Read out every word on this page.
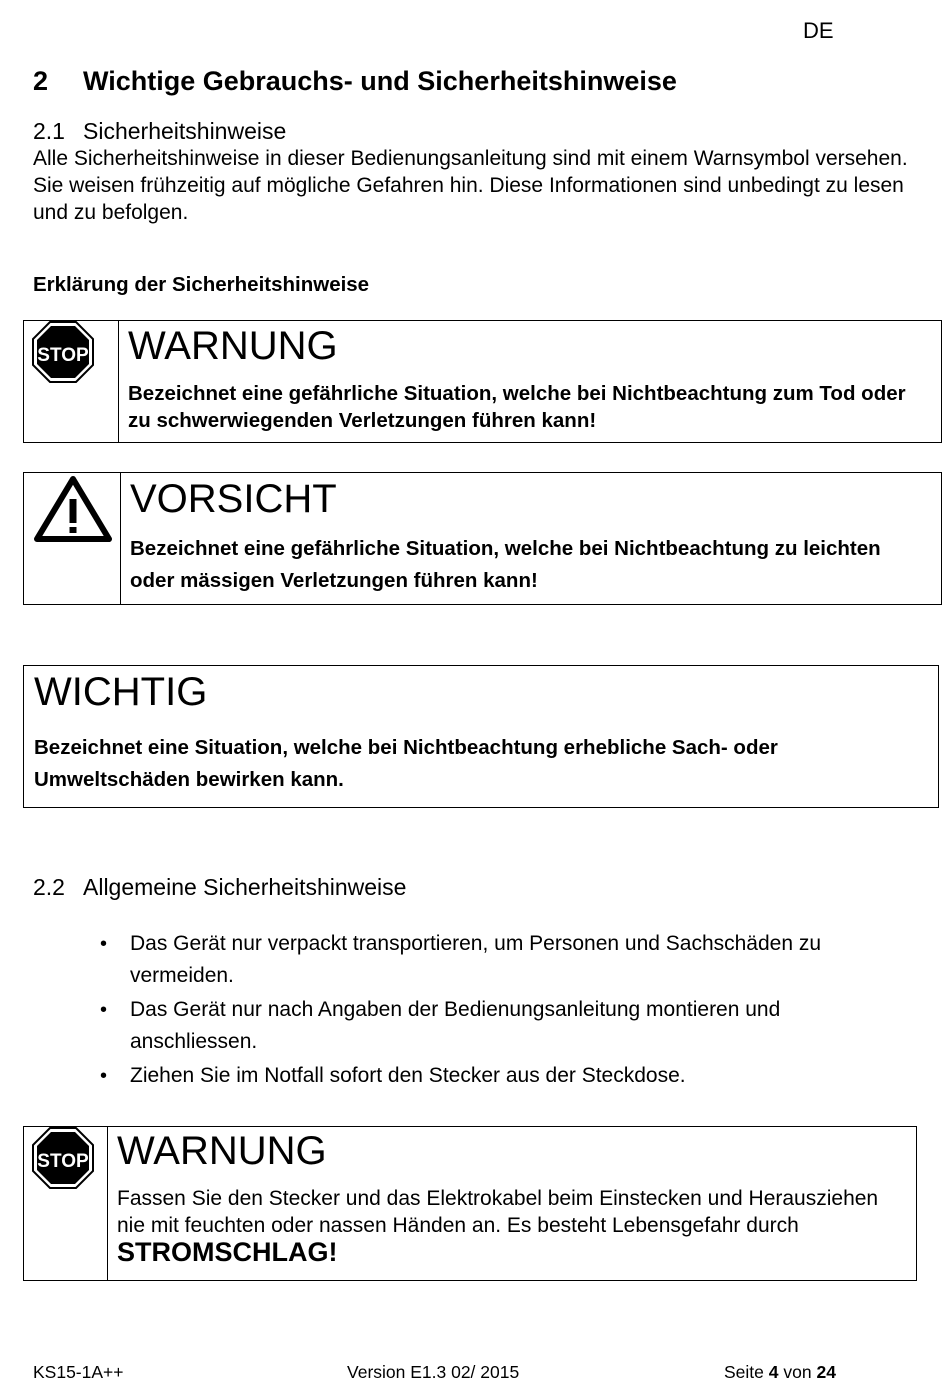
DE
2 Wichtige Gebrauchs- und Sicherheitshinweise
2.1 Sicherheitshinweise

Alle Sicherheitshinweise in dieser Bedienungsanleitung sind mit einem Warnsymbol versehen. Sie weisen frühzeitig auf mögliche Gefahren hin. Diese Informationen sind unbedingt zu lesen und zu befolgen.

Erklärung der Sicherheitshinweise

STOP WARNUNG
Bezeichnet eine gefährliche Situation, welche bei Nichtbeachtung zum Tod oder zu schwerwiegenden Verletzungen führen kann!
VORSICHT
Bezeichnet eine gefährliche Situation, welche bei Nichtbeachtung zu leichten oder mässigen Verletzungen führen kann!
WICHTIG
Bezeichnet eine Situation, welche bei Nichtbeachtung erhebliche Sach- oder Umweltschäden bewirken kann.
2.2 Allgemeine Sicherheitshinweise
• Das Gerät nur verpackt transportieren, um Personen und Sachschäden zu vermeiden.
• Das Gerät nur nach Angaben der Bedienungsanleitung montieren und anschliessen.
• Ziehen Sie im Notfall sofort den Stecker aus der Steckdose.
STOP WARNUNG
Fassen Sie den Stecker und das Elektrokabel beim Einstecken und Herausziehen nie mit feuchten oder nassen Händen an. Es besteht Lebensgefahr durch STROMSCHLAG!
KS15-1A++	Version E1.3 02/ 2015	Seite 4 von 24
